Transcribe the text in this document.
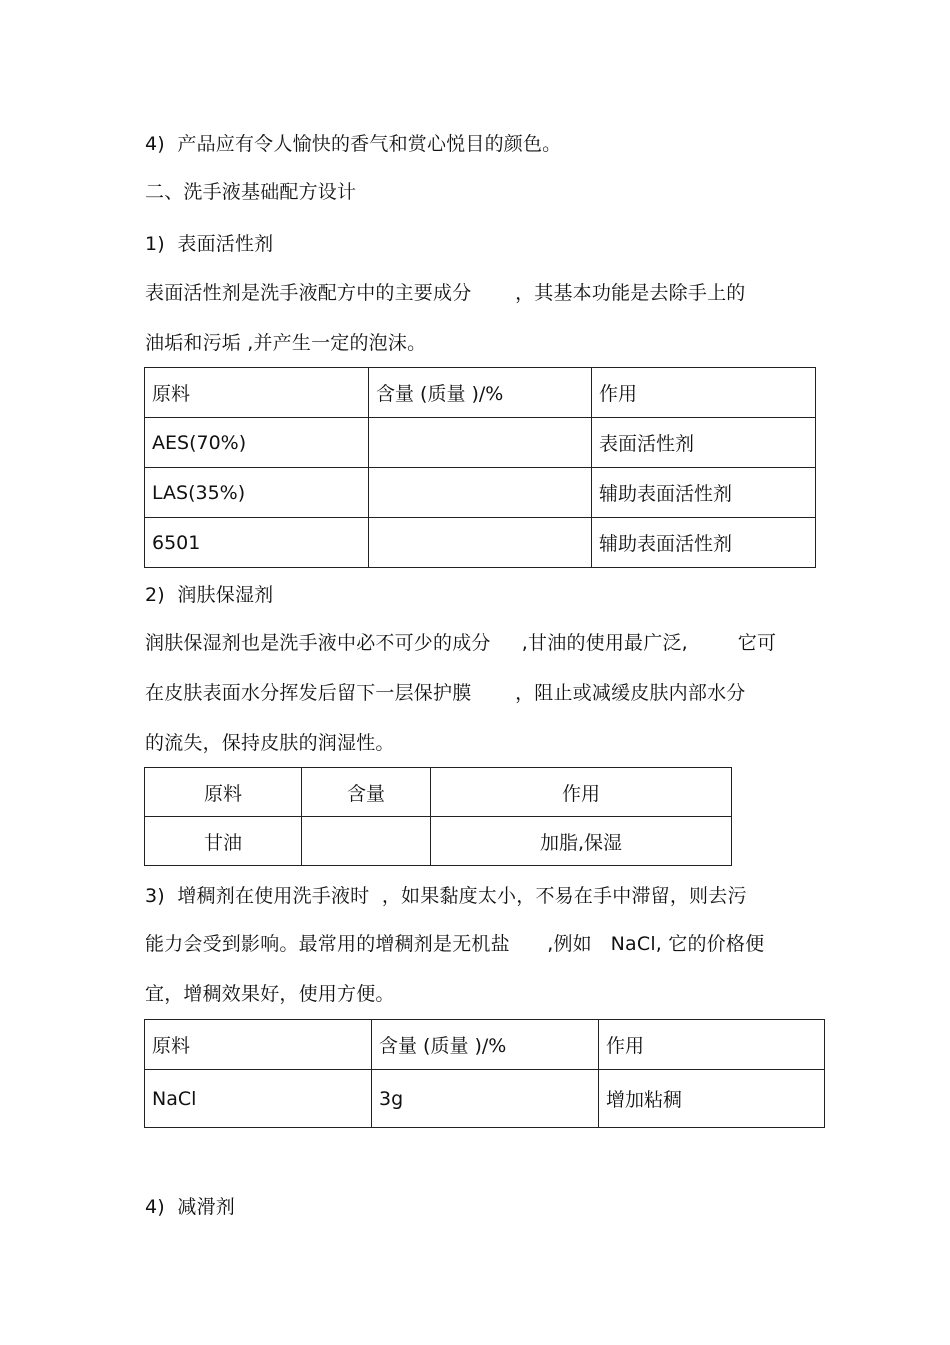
4)  产品应有令人愉快的香气和赏心悦目的颜色。
二、洗手液基础配方设计
1)  表面活性剂
表面活性剂是洗手液配方中的主要成分       ，其基本功能是去除手上的
油垢和污垢 ,并产生一定的泡沫。
原料	含量 (质量 )/%	作用
AES(70%)		表面活性剂
LAS(35%)		辅助表面活性剂
6501		辅助表面活性剂
2)  润肤保湿剂
润肤保湿剂也是洗手液中必不可少的成分     ,甘油的使用最广泛,        它可
在皮肤表面水分挥发后留下一层保护膜       ，阻止或减缓皮肤内部水分
的流失，保持皮肤的润湿性。
原料	含量	作用
甘油		加脂,保湿
3)  增稠剂在使用洗手液时  ，如果黏度太小，不易在手中滞留，则去污
能力会受到影响。最常用的增稠剂是无机盐      ,例如   NaCl, 它的价格便
宜，增稠效果好，使用方便。
原料	含量 (质量 )/%	作用
NaCl	3g	增加粘稠
4)  减滑剂
